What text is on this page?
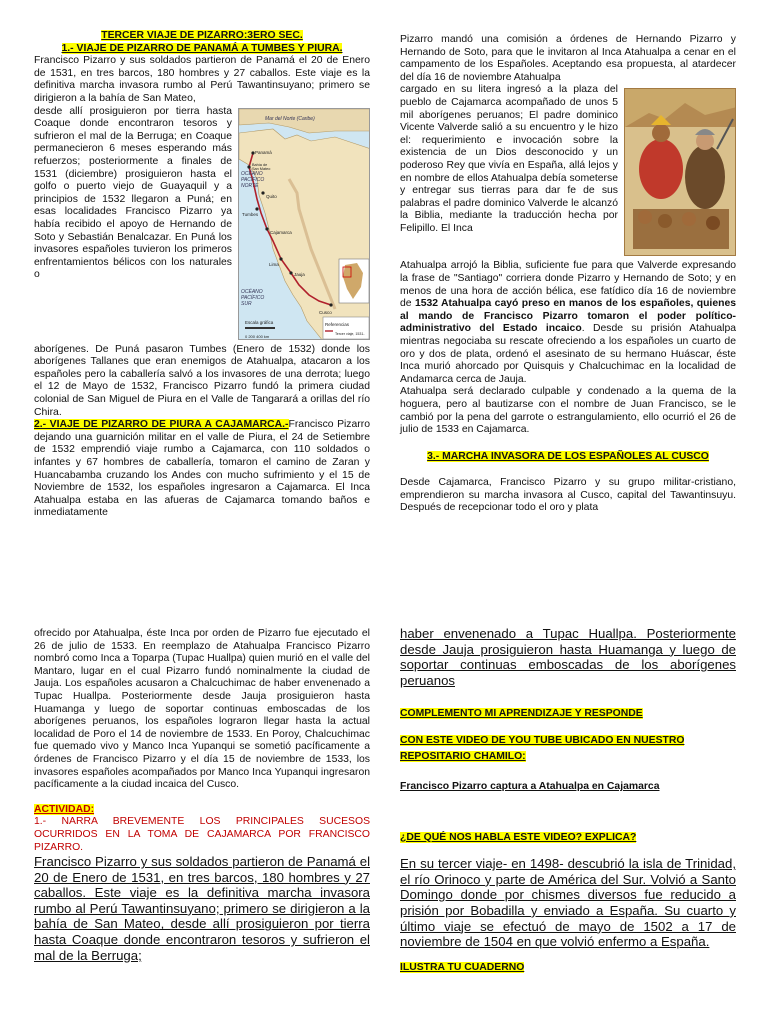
TERCER VIAJE DE PIZARRO:3ERO SEC.
1.- VIAJE DE PIZARRO DE PANAMÁ A TUMBES Y PIURA.
Francisco Pizarro y sus soldados partieron de Panamá el 20 de Enero de 1531, en tres barcos, 180 hombres y 27 caballos. Este viaje es la definitiva marcha invasora rumbo al Perú Tawantinsuyano; primero se dirigieron a la bahía de San Mateo,
Mar del Norte (Caribe)
OCÉANO PACÍFICO NORTE
OCÉANO PACÍFICO SUR
Panamá
Bahía de San Mateo
Quito
Tumbes
Cajamarca
Lima
Jauja
Cusco
Escala gráfica
0 200 400 km
Referencias
Tercer viaje, 1531-
desde allí prosiguieron por tierra hasta Coaque donde encontraron tesoros y sufrieron el mal de la Berruga; en Coaque permanecieron 6 meses esperando más refuerzos; posteriormente a finales de 1531 (diciembre) prosiguieron hasta el golfo o puerto viejo de Guayaquil y a principios de 1532 llegaron a Puná; en esas localidades Francisco Pizarro ya había recibido el apoyo de Hernando de Soto y Sebastián Benalcazar. En Puná los invasores españoles tuvieron los primeros enfrentamientos bélicos con los naturales o
aborígenes. De Puná pasaron Tumbes (Enero de 1532) donde los aborígenes Tallanes que eran enemigos de Atahualpa, atacaron a los españoles pero la caballería salvó a los invasores de una derrota; luego el 12 de Mayo de 1532, Francisco Pizarro fundó la primera ciudad colonial de San Miguel de Piura en el Valle de Tangarará a orillas del río Chira.
2.- VIAJE DE PIZARRO DE PIURA A CAJAMARCA.-Francisco Pizarro dejando una guarnición militar en el valle de Piura, el 24 de Setiembre de 1532 emprendió viaje rumbo a Cajamarca, con 110 soldados o infantes y 67 hombres de caballería, tomaron el camino de Zaran y Huancabamba cruzando los Andes con mucho sufrimiento y el 15 de Noviembre de 1532, los españoles ingresaron a Cajamarca. El Inca Atahualpa estaba en las afueras de Cajamarca tomando baños e inmediatamente
Pizarro mandó una comisión a órdenes de Hernando Pizarro y Hernando de Soto, para que le invitaron al Inca Atahualpa a cenar en el campamento de los Españoles. Aceptando esa propuesta, al atardecer del día 16 de noviembre Atahualpa
cargado en su litera ingresó a la plaza del pueblo de Cajamarca acompañado de unos 5 mil aborígenes peruanos; El padre dominico Vicente Valverde salió a su encuentro y le hizo el: requerimiento e invocación sobre la existencia de un Dios desconocido y un poderoso Rey que vivía en España, allá lejos y en nombre de ellos Atahualpa debía someterse y entregar sus tierras para dar fe de sus palabras el padre dominico Valverde le alcanzó la Biblia, mediante la traducción hecha por Felipillo. El Inca
Atahualpa arrojó la Biblia, suficiente fue para que Valverde expresando la frase de "Santiago" corriera donde Pizarro y Hernando de Soto; y en menos de una hora de acción bélica, ese fatídico día 16 de noviembre de 1532 Atahualpa cayó preso en manos de los españoles, quienes al mando de Francisco Pizarro tomaron el poder político-administrativo del Estado incaico. Desde su prisión Atahualpa mientras negociaba su rescate ofreciendo a los españoles un cuarto de oro y dos de plata, ordenó el asesinato de su hermano Huáscar, éste Inca murió ahorcado por Quisquis y Chalcuchimac en la localidad de Andamarca cerca de Jauja.
Atahualpa será declarado culpable y condenado a la quema de la hoguera, pero al bautizarse con el nombre de Juan Francisco, se le cambió por la pena del garrote o estrangulamiento, ello ocurrió el 26 de julio de 1533 en Cajamarca.
3.- MARCHA INVASORA DE LOS ESPAÑOLES AL CUSCO
Desde Cajamarca, Francisco Pizarro y su grupo militar-cristiano, emprendieron su marcha invasora al Cusco, capital del Tawantinsuyu. Después de recepcionar todo el oro y plata
ofrecido por Atahualpa, éste Inca por orden de Pizarro fue ejecutado el 26 de julio de 1533. En reemplazo de Atahualpa Francisco Pizarro nombró como Inca a Toparpa (Tupac Huallpa) quien murió en el valle del Mantaro, lugar en el cual Pizarro fundó nominalmente la ciudad de Jauja. Los españoles acusaron a Chalcuchimac de haber envenenado a Tupac Huallpa. Posteriormente desde Jauja prosiguieron hasta Huamanga y luego de soportar continuas emboscadas de los aborígenes peruanos, los españoles lograron llegar hasta la actual localidad de Poro el 14 de noviembre de 1533. En Poroy, Chalcuchimac fue quemado vivo y Manco Inca Yupanqui se sometió pacíficamente a órdenes de Francisco Pizarro y el día 15 de noviembre de 1533, los invasores españoles acompañados por Manco Inca Yupanqui ingresaron pacíficamente a la ciudad incaica del Cusco.
ACTIVIDAD:
1.- NARRA BREVEMENTE LOS PRINCIPALES SUCESOS OCURRIDOS EN LA TOMA DE CAJAMARCA POR FRANCISCO PIZARRO.
Francisco Pizarro y sus soldados partieron de Panamá el 20 de Enero de 1531, en tres barcos, 180 hombres y 27 caballos. Este viaje es la definitiva marcha invasora rumbo al Perú Tawantinsuyano; primero se dirigieron a la bahía de San Mateo, desde allí prosiguieron por tierra hasta Coaque donde encontraron tesoros y sufrieron el mal de la Berruga;
haber envenenado a Tupac Huallpa. Posteriormente desde Jauja prosiguieron hasta Huamanga y luego de soportar continuas emboscadas de los aborígenes peruanos
COMPLEMENTO MI APRENDIZAJE Y RESPONDE
CON ESTE VIDEO DE YOU TUBE UBICADO EN NUESTRO REPOSITARIO CHAMILO:
Francisco Pizarro captura a Atahualpa en Cajamarca
¿DE QUÉ NOS HABLA ESTE VIDEO? EXPLICA?
En su tercer viaje- en 1498- descubrió la isla de Trinidad, el río Orinoco y parte de América del Sur. Volvió a Santo Domingo donde por chismes diversos fue reducido a prisión por Bobadilla y enviado a España. Su cuarto y último viaje se efectuó de mayo de 1502 a 17 de noviembre de 1504 en que volvió enfermo a España.
ILUSTRA TU CUADERNO
